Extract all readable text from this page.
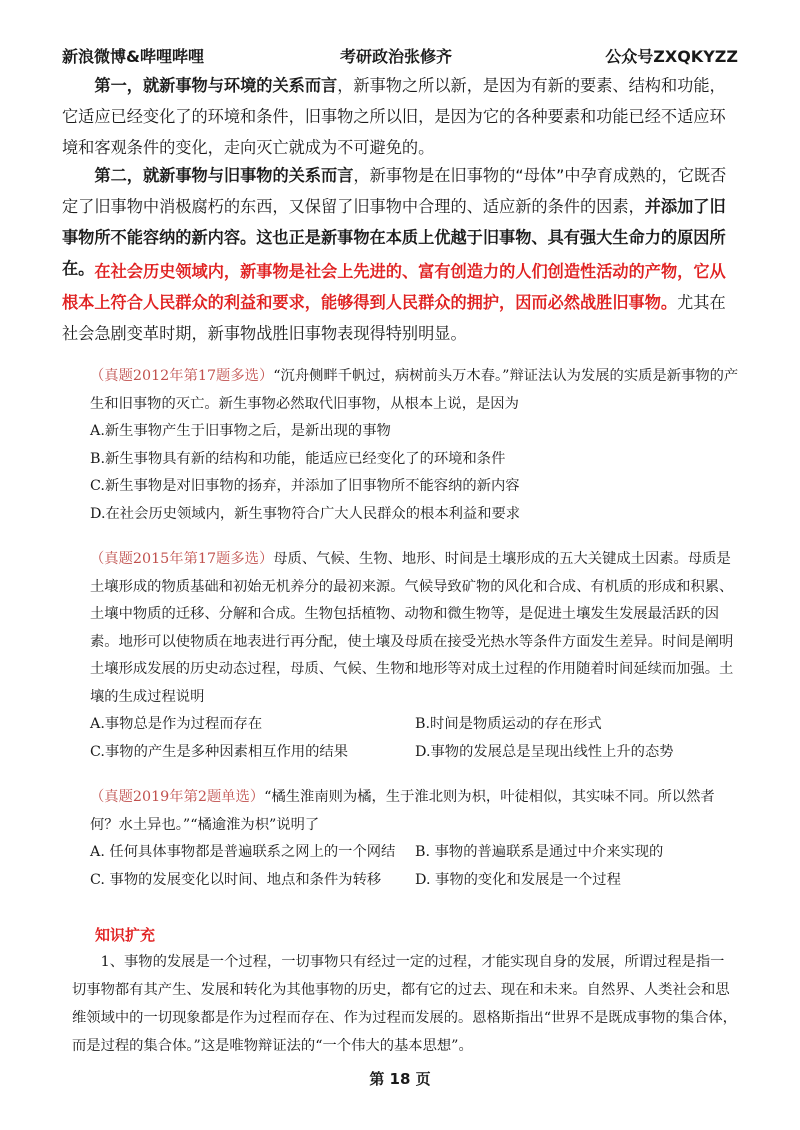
新浪微博&哔哩哔哩	考研政治张修齐	公众号ZXQKYZZ
第一，就新事物与环境的关系而言，新事物之所以新，是因为有新的要素、结构和功能，它适应已经变化了的环境和条件，旧事物之所以旧，是因为它的各种要素和功能已经不适应环境和客观条件的变化，走向灭亡就成为不可避免的。
第二，就新事物与旧事物的关系而言，新事物是在旧事物的“母体”中孕育成熟的，它既否定了旧事物中消极腐朽的东西，又保留了旧事物中合理的、适应新的条件的因素，并添加了旧事物所不能容纳的新内容。这也正是新事物在本质上优越于旧事物、具有强大生命力的原因所在。 在社会历史领域内，新事物是社会上先进的、富有创造力的人们创造性活动的产物，它从根本上符合人民群众的利益和要求，能够得到人民群众的拥护，因而必然战胜旧事物。尤其在社会急剧变革时期，新事物战胜旧事物表现得特别明显。
（真题2012年第17题多选）“沉舟侧畔千帆过，病树前头万木春。”辩证法认为发展的实质是新事物的产生和旧事物的灭亡。新生事物必然取代旧事物，从根本上说，是因为
A.新生事物产生于旧事物之后，是新出现的事物
B.新生事物具有新的结构和功能，能适应已经变化了的环境和条件
C.新生事物是对旧事物的扬弃，并添加了旧事物所不能容纳的新内容
D.在社会历史领域内，新生事物符合广大人民群众的根本利益和要求
（真题2015年第17题多选）母质、气候、生物、地形、时间是土壤形成的五大关键成土因素。母质是土壤形成的物质基础和初始无机养分的最初来源。气候导致矿物的风化和合成、有机质的形成和积累、土壤中物质的迁移、分解和合成。生物包括植物、动物和微生物等，是促进土壤发生发展最活跃的因素。地形可以使物质在地表进行再分配，使土壤及母质在接受光热水等条件方面发生差异。时间是阐明土壤形成发展的历史动态过程，母质、气候、生物和地形等对成土过程的作用随着时间延续而加强。土壤的生成过程说明
A.事物总是作为过程而存在	B.时间是物质运动的存在形式
C.事物的产生是多种因素相互作用的结果	D.事物的发展总是呈现出线性上升的态势
（真题2019年第2题单选）“橘生淮南则为橘，生于淮北则为枳，叶徒相似，其实味不同。所以然者何？水土异也。”“橘逾淮为枳”说明了
A. 任何具体事物都是普遍联系之网上的一个网结	B. 事物的普遍联系是通过中介来实现的
C. 事物的发展变化以时间、地点和条件为转移	D. 事物的变化和发展是一个过程
知识扩充
1、事物的发展是一个过程，一切事物只有经过一定的过程，才能实现自身的发展，所谓过程是指一切事物都有其产生、发展和转化为其他事物的历史，都有它的过去、现在和未来。自然界、人类社会和思维领域中的一切现象都是作为过程而存在、作为过程而发展的。恩格斯指出“世界不是既成事物的集合体，而是过程的集合体。”这是唯物辩证法的“一个伟大的基本思想”。
第 18 页
